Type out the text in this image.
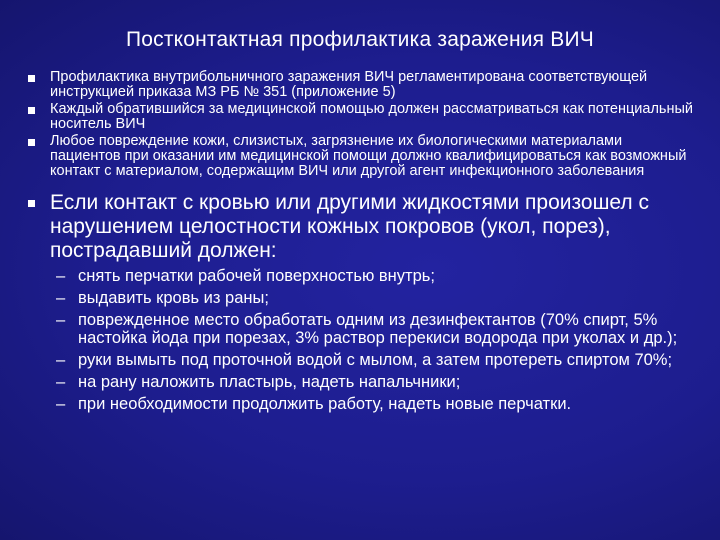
Постконтактная профилактика заражения ВИЧ
Профилактика внутрибольничного заражения ВИЧ регламентирована соответствующей инструкцией приказа МЗ РБ № 351 (приложение 5)
Каждый обратившийся за медицинской помощью должен рассматриваться как потенциальный носитель ВИЧ
Любое повреждение кожи, слизистых, загрязнение их биологическими материалами пациентов при оказании им медицинской помощи должно квалифицироваться как возможный контакт с материалом, содержащим ВИЧ или другой агент инфекционного заболевания
Если контакт с кровью или другими жидкостями произошел с нарушением целостности кожных покровов (укол, порез), пострадавший должен:
– снять перчатки рабочей поверхностью внутрь;
– выдавить кровь из раны;
– поврежденное место обработать одним из дезинфектантов (70% спирт, 5% настойка йода при порезах, 3% раствор перекиси водорода при уколах и др.);
– руки вымыть под проточной водой с мылом, а затем протереть спиртом 70%;
– на рану наложить пластырь, надеть напальчники;
– при необходимости продолжить работу, надеть новые перчатки.
